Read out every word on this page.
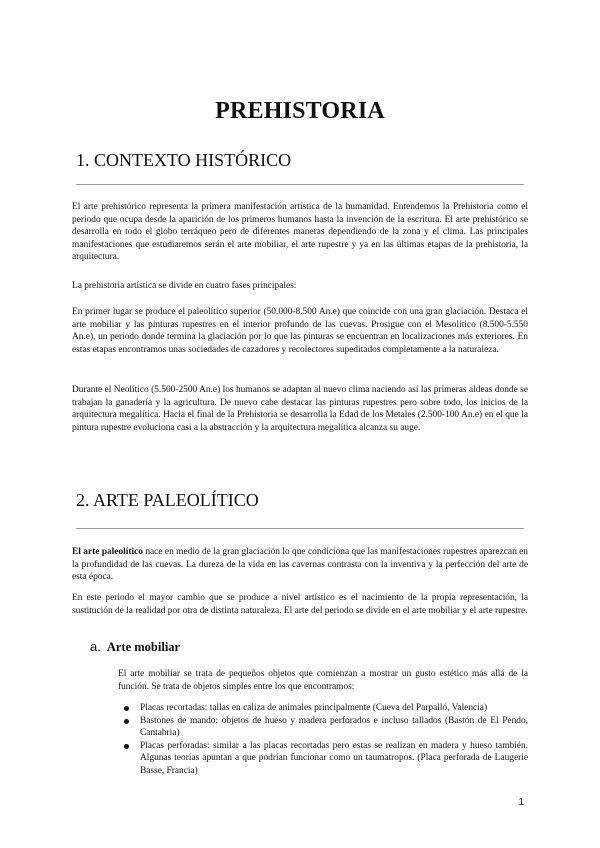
PREHISTORIA
1. CONTEXTO HISTÓRICO

El arte prehistórico representa la primera manifestación artística de la humanidad. Entendemos la Prehistoria como el periodo que ocupa desde la aparición de los primeros humanos hasta la invención de la escritura. El arte prehistórico se desarrolla en todo el globo terráqueo pero de diferentes maneras dependiendo de la zona y el clima. Las principales manifestaciones que estudiaremos serán el arte mobiliar, el arte rupestre y ya en las últimas etapas de la prehistoria, la arquitectura.

La prehistoria artística se divide en cuatro fases principales:

En primer lugar se produce el paleolítico superior (50.000-8.500 An.e) que coincide con una gran glaciación. Destaca el arte mobiliar y las pinturas rupestres en el interior profundo de las cuevas. Prosigue con el Mesolítico (8.500-5.550 An.e), un periodo donde termina la glaciación por lo que las pinturas se encuentran en localizaciones más exteriores. En estas etapas encontramos unas sociedades de cazadores y recolectores supeditados completamente a la naturaleza.

Durante el Neolítico (5.500-2500 An.e) los humanos se adaptan al nuevo clima naciendo así las primeras aldeas donde se trabajan la ganadería y la agricultura. De nuevo cabe destacar las pinturas rupestres pero sobre todo, los inicios de la arquitectura megalítica. Hacia el final de la Prehistoria se desarrolla la Edad de los Metales (2.500-100 An.e) en el que la pintura rupestre evoluciona casi a la abstracción y la arquitectura megalítica alcanza su auge.

2. ARTE PALEOLÍTICO

El arte paleolítico nace en medio de la gran glaciación lo que condiciona que las manifestaciones rupestres aparezcan en la profundidad de las cuevas. La dureza de la vida en las cavernas contrasta con la inventiva y la perfección del arte de esta época.

En este periodo el mayor cambio que se produce a nivel artístico es el nacimiento de la propia representación, la sustitución de la realidad por otra de distinta naturaleza. El arte del periodo se divide en el arte mobiliar y el arte rupestre.

a. Arte mobiliar

El arte mobiliar se trata de pequeños objetos que comienzan a mostrar un gusto estético más allá de la función. Se trata de objetos simples entre los que encontramos:

Placas recortadas: tallas en caliza de animales principalmente (Cueva del Parpalló, Valencia)
Bastones de mando: objetos de hueso y madera perforados e incluso tallados (Bastón de El Pendo, Cantabria)
Placas perforadas: similar a las placas recortadas pero estas se realizan en madera y hueso también. Algunas teorías apuntan a que podrían funcionar como un taumatropos. (Placa perforada de Laugerie Basse, Francia)
1
